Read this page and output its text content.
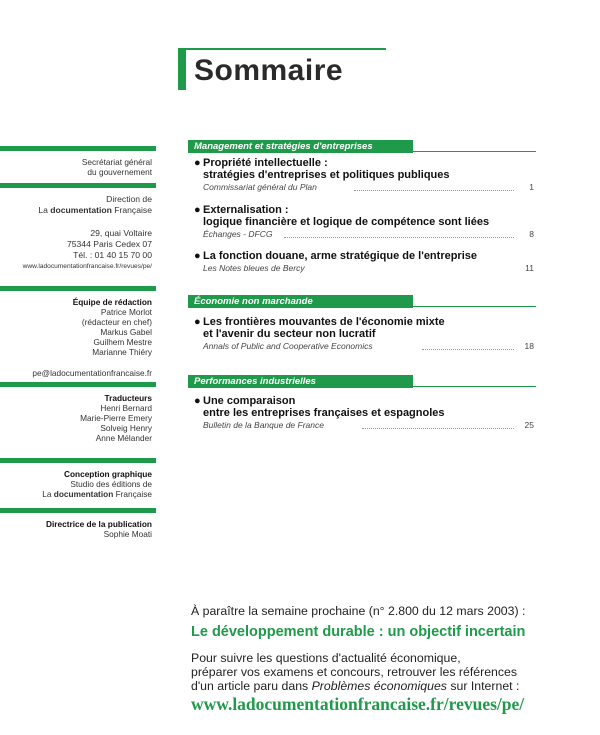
Sommaire
Secrétariat général
du gouvernement
Direction de
La documentation Française
29, quai Voltaire
75344 Paris Cedex 07
Tél. : 01 40 15 70 00
www.ladocumentationfrancaise.fr/revues/pe/
Équipe de rédaction
Patrice Morlot
(rédacteur en chef)
Markus Gabel
Guilhem Mestre
Marianne Thiéry
pe@ladocumentationfrancaise.fr
Traducteurs
Henri Bernard
Marie-Pierre Emery
Solveig Henry
Anne Mélander
Conception graphique
Studio des éditions de
La documentation Française
Directrice de la publication
Sophie Moati
Management et stratégies d'entreprises
● Propriété intellectuelle :
stratégies d'entreprises et politiques publiques
Commissariat général du Plan	1
● Externalisation :
logique financière et logique de compétence sont liées
Échanges - DFCG	8
● La fonction douane, arme stratégique de l'entreprise
Les Notes bleues de Bercy	11
Économie non marchande
● Les frontières mouvantes de l'économie mixte
et l'avenir du secteur non lucratif
Annals of Public and Cooperative Economics	18
Performances industrielles
● Une comparaison
entre les entreprises françaises et espagnoles
Bulletin de la Banque de France	25
À paraître la semaine prochaine (n° 2.800 du 12 mars 2003) :
Le développement durable : un objectif incertain
Pour suivre les questions d'actualité économique,
préparer vos examens et concours, retrouver les références
d'un article paru dans Problèmes économiques sur Internet :
www.ladocumentationfrancaise.fr/revues/pe/
